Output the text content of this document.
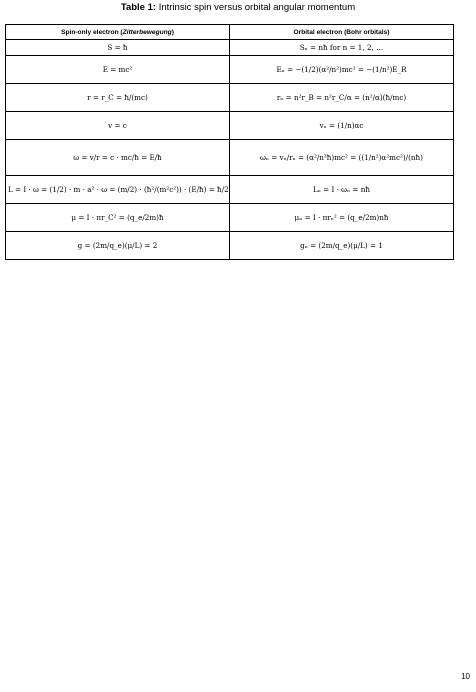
Table 1: Intrinsic spin versus orbital angular momentum
Spin-only electron (Zitterbewegung)	Orbital electron (Bohr orbitals)
S = ħ	Sₙ = nħ for n = 1, 2, …
E = mc²	Eₙ = −(1/2)(α²/n²)mc² = −(1/n²)E_R
r = r_C = ħ/(mc)	rₙ = n²r_B = n²r_C/α = (n²/α)(ħ/mc)
v = c	vₙ = (1/n)αc
ω = v/r = c · mc/ħ = E/ħ	ωₙ = vₙ/rₙ = (α²/n³ħ)mc² = ((1/n²)α²mc²)/(nħ)
L = I · ω = (1/2) · m · a² · ω = (m/2) · (ħ²/(m²c²)) · (E/ħ) = ħ/2	Lₙ = I · ωₙ = nħ
μ = I · πr_C² = (q_e/2m)ħ	μₙ = I · πrₙ² = (q_e/2m)nħ
g = (2m/q_e)(μ/L) = 2	gₙ = (2m/q_e)(μ/L) = 1
10
